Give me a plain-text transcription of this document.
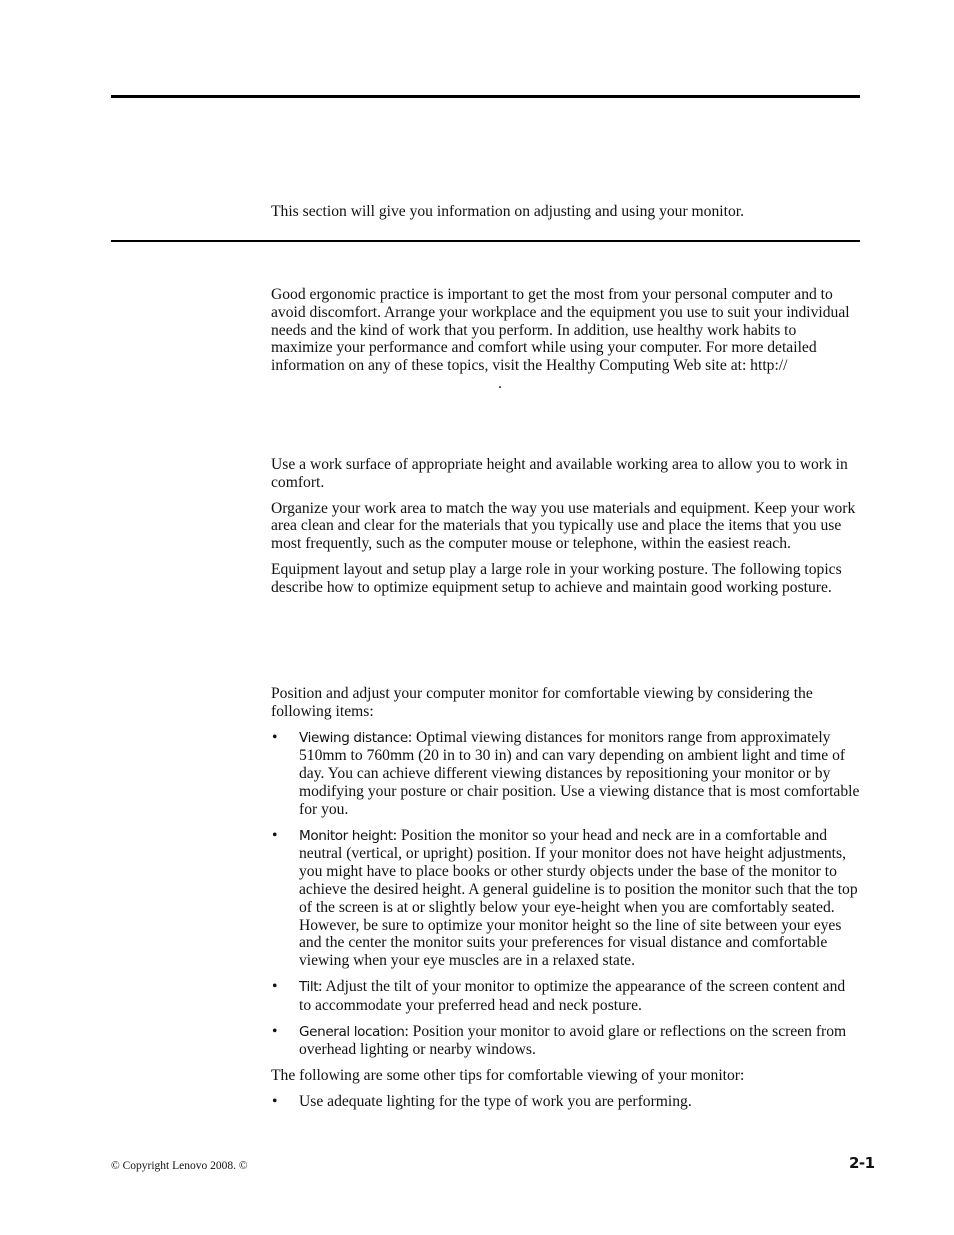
This section will give you information on adjusting and using your monitor.

Good ergonomic practice is important to get the most from your personal computer and to avoid discomfort. Arrange your workplace and the equipment you use to suit your individual needs and the kind of work that you perform. In addition, use healthy work habits to maximize your performance and comfort while using your computer. For more detailed information on any of these topics, visit the Healthy Computing Web site at: http://.

Use a work surface of appropriate height and available working area to allow you to work in comfort.

Organize your work area to match the way you use materials and equipment. Keep your work area clean and clear for the materials that you typically use and place the items that you use most frequently, such as the computer mouse or telephone, within the easiest reach.

Equipment layout and setup play a large role in your working posture. The following topics describe how to optimize equipment setup to achieve and maintain good working posture.

Position and adjust your computer monitor for comfortable viewing by considering the following items:

• Viewing distance: Optimal viewing distances for monitors range from approximately 510mm to 760mm (20 in to 30 in) and can vary depending on ambient light and time of day. You can achieve different viewing distances by repositioning your monitor or by modifying your posture or chair position. Use a viewing distance that is most comfortable for you.
• Monitor height: Position the monitor so your head and neck are in a comfortable and neutral (vertical, or upright) position. If your monitor does not have height adjustments, you might have to place books or other sturdy objects under the base of the monitor to achieve the desired height. A general guideline is to position the monitor such that the top of the screen is at or slightly below your eye-height when you are comfortably seated. However, be sure to optimize your monitor height so the line of site between your eyes and the center the monitor suits your preferences for visual distance and comfortable viewing when your eye muscles are in a relaxed state.
• Tilt: Adjust the tilt of your monitor to optimize the appearance of the screen content and to accommodate your preferred head and neck posture.
• General location: Position your monitor to avoid glare or reflections on the screen from overhead lighting or nearby windows.

The following are some other tips for comfortable viewing of your monitor:

• Use adequate lighting for the type of work you are performing.
© Copyright Lenovo 2008. ©	2-1
